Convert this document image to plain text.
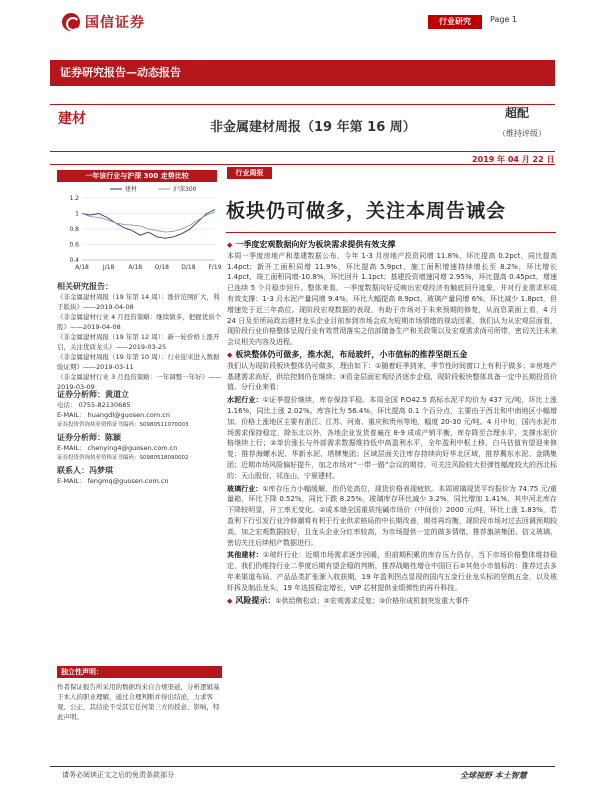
国信证券	行业研究	Page 1
证券研究报告—动态报告
建材
非金属建材周报（19 年第 16 周）
超配
（维持评级）
2019 年 04 月 22 日
一年该行业与沪深 300 走势比较
1.2
1
0.8
0.6
0.4
A/18 J/18 A/18 O/18 D/18 F/19
建材	沪深300
相关研究报告：
《非金属建材周报（19 年第 14 周）：涨价范围扩大，利于版块》——2019-04-08
《非金属建材行业 4 月投资策略：继续做多，把握优质个股》——2019-04-08
《非金属建材周报（19 年第 12 周）：新一轮价格上涨开启，关注优质龙头》——2019-03-25
《非金属建材周报（19 年第 10 周）：行业迎来进入数据验证期》——2019-03-11
《非金属建材行业 3 月投资策略：一年调整一年好》——2019-03-09
证券分析师：黄道立
电话： 0755-82130685
E-MAIL： huangdl@guosen.com.cn
证券投资咨询执业资格证书编码：S0980511070003
证券分析师：陈颖
E-MAIL： chenying4@guosen.com.cn
证券投资咨询执业资格证书编码：S0980518090002
联系人：冯梦琪
E-MAIL： fengmq@guosen.com.cn
独立性声明：
作者保证报告所采用的数据均来自合规渠道，分析逻辑基于本人的职业理解，通过合理判断并得出结论，力求客观、公正，其结论不受其它任何第三方的授意、影响，特此声明。
行业周报
板块仍可做多，关注本周告诫会
◆ 一季度宏观数据向好为板块需求提供有效支撑

本周一季度房地产和基建数据公布，今年 1-3 月房地产投资同增 11.8%，环比提高 0.2pct，同比提高 1.4pct；新开工面积同增 11.9%，环比提高 5.9pct，施工面积增速持续增长至 8.2%，环比增长 1.4pct，竣工面积同增-10.8%，环比回升 1.1pct；基建投资增速同增 2.95%，环比提高 0.45pct，增速已连续 5 个月稳步回升。整体来看，一季度数据向好反映出宏观经济有触底回升迹象，并对行业需求形成有效支撑：1-3 月水泥产量同增 9.4%，环比大幅提高 8.9pct，玻璃产量同增 6%，环比减少 1.8pct，但增速处于近三年高位。现阶段宏观数据的表现，有助于市场对于未来预期的修复，从而息菜面上看，4 月 24 日及至所局政治建材龙头企业目前参到市场会成为短期市场情绪的视动因素，我们认为从宏观层面看，现阶段行业价格整体呈现行业有效贯彻落实之信部储备生产和关政策以及宏观需求尚可所带，密切关注未来会议相关内容及进程。

◆ 板块整体仍可做多，推水泥，布局玻纤，小市值标的推荐坚朗五金

我们认为现阶段板块整体仍可做多，理由如下：①随着旺季到来，季节性时间窗口上有利于做多；②房地产基建需求尚好，供给控制仍在继续；③资金层面宏观经济逐步企稳，现阶段板块整体具备一定中长期投资价值。分行业来看：

水泥行业：①证季提价继续，库存保持平稳。本周全国 P.O42.5 高标水泥平均价为 437 元/吨，环比上涨 1.16%，同比上涨 2.02%。库容比为 56.4%，环比提高 0.1 个百分点，主要由于西北和中南地区小幅增加。价格上涨地区主要有浙江、江苏、河南、重庆和贵州等地，幅度 20-30 元/吨。4 月中旬，国内水泥市场需求保持稳定，除东北以外，各地企业发货普遍在 8-9 成或产销平衡，库存降至合理水平，支撑水泥价格继续上行；②单价涨长与外部需求数据维持低中高盈利水平，全年盈利中枢上移，白马估值有望迎来修复；推荐海螺水泥、华新水泥、塔牌集团；区域层面关注库存持续向好华北区域，推荐冀东水泥、金隅集团；近期市场风险偏好提升，加之市场对“一带一路”会议的期待，可关注风险较大但弹性幅度较大的西北标的：天山股份、祁连山、宁夏建材。

玻璃行业：①库存压力小幅缓解，但仍处高位，现货价格表现疲软。本周玻璃现货平均报价为 74.75 元/重量箱，环比下降 0.52%，同比下跌 8.25%，玻璃库存环比减少 3.2%，同比增加 1.41%，其中河北库存下降较明显，开工率无变化。②成本端全国重质纯碱市场价（中间价）2000 元/吨，环比上涨 1.83%，若盈利下行引发行业冷修潮将有利于行业供求格局的中长期改善，期待再均衡，现阶段市场对过去回调预期较高，加之宏观数据较好，且龙头企业分红率较高，为市场提供一定的做多情绪，推荐旗滨集团、信义玻璃，密切关注后续相产数据进行。

其他建材：①玻纤行业：近期市场需求逐步回暖，但前期积累的库存压力仍存，当下市场价格整体维持稳定，我们仍维持行业二季度后期有望企稳的判断，推荐战略性增仓中国巨石②其他小市值标的：推荐过去多年来渠道布局、产品品类扩张渐入收获期，19 年盈利拐点显现的国内五金行业龙头标的坚朗五金，以及玻纤拆及制品龙头，19 年选拔稳定增长，VIP 芯材提供业绩弹性的再升科技。

◆ 风险提示：①供给侧松动；②宏观需求反复；③价格形成机制突发重大事件

请务必阅读正文之后的免责条款部分	全球视野 本土智慧
